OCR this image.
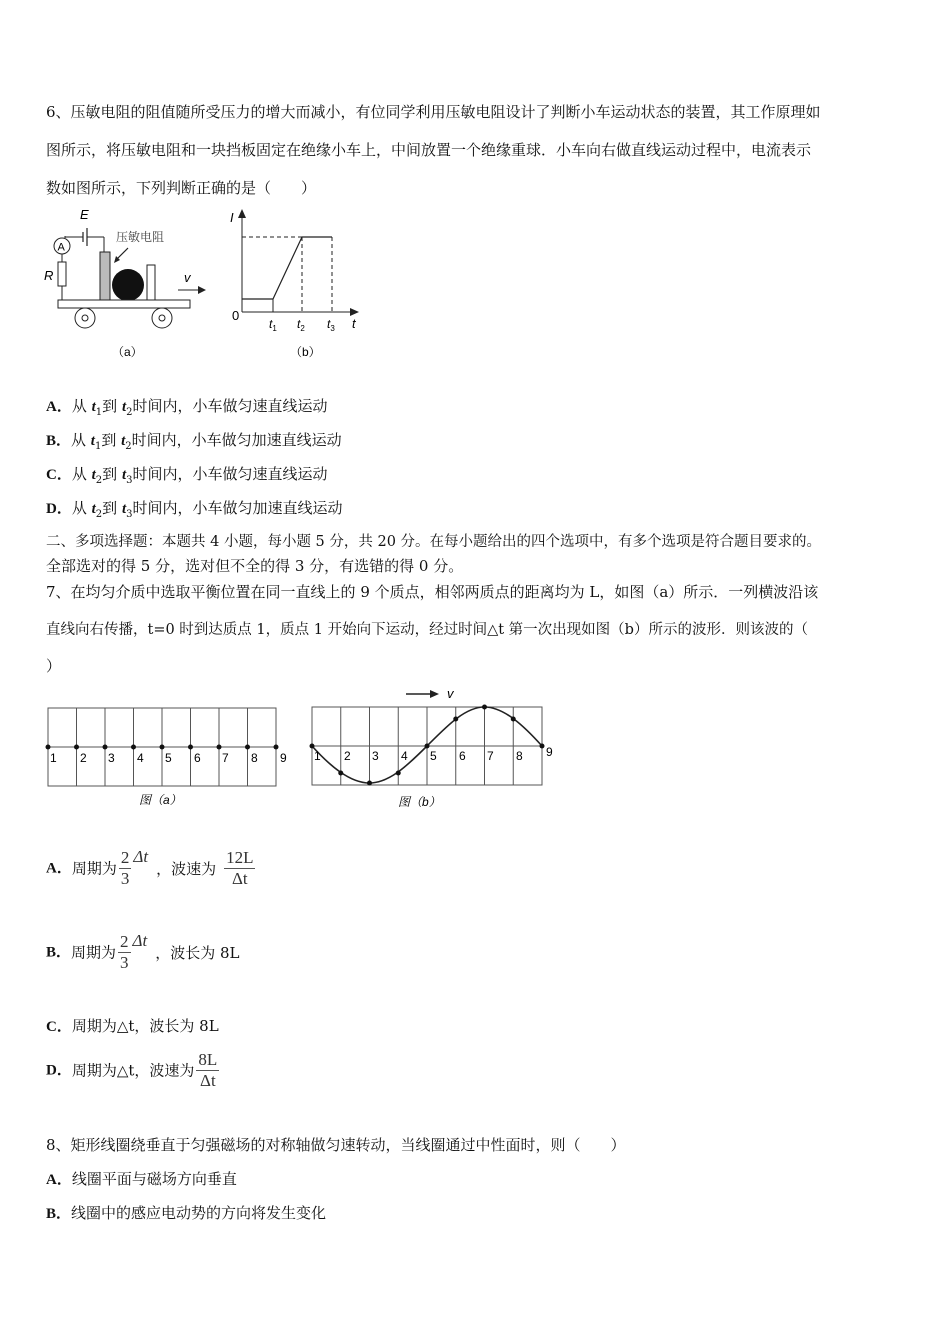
6、压敏电阻的阻值随所受压力的增大而减小，有位同学利用压敏电阻设计了判断小车运动状态的装置，其工作原理如
图所示，将压敏电阻和一块挡板固定在绝缘小车上，中间放置一个绝缘重球．小车向右做直线运动过程中，电流表示
数如图所示，下列判断正确的是（　　）
E
A
R
压敏电阻
v
（a）
I
0
$t_1$ $t_2$ $t_3$ t
（b）
A．从 $t_1$到 $t_2$时间内，小车做匀速直线运动
B．从 $t_1$到 $t_2$时间内，小车做匀加速直线运动
C．从 $t_2$到 $t_3$时间内，小车做匀速直线运动
D．从 $t_2$到 $t_3$时间内，小车做匀加速直线运动
二、多项选择题：本题共 4 小题，每小题 5 分，共 20 分。在每小题给出的四个选项中，有多个选项是符合题目要求的。
全部选对的得 5 分，选对但不全的得 3 分，有选错的得 0 分。
7、在均匀介质中选取平衡位置在同一直线上的 9 个质点，相邻两质点的距离均为 L，如图（a）所示．一列横波沿该
直线向右传播，t=0 时到达质点 1，质点 1 开始向下运动，经过时间△t 第一次出现如图（b）所示的波形．则该波的（
）
1 2 3 4 5 6 7 8 9
图（a）
v
1 2 3 4 5 6 7 8 9
图（b）
A．周期为 $\frac{2}{3}$ Δt，波速为 $\frac{12L}{\Delta t}$
B．周期为 $\frac{2}{3}$ Δt，波长为 8L
C．周期为△t，波长为 8L
D．周期为△t，波速为 $\frac{8L}{\Delta t}$
8、矩形线圈绕垂直于匀强磁场的对称轴做匀速转动，当线圈通过中性面时，则（　　）
A．线圈平面与磁场方向垂直
B．线圈中的感应电动势的方向将发生变化
